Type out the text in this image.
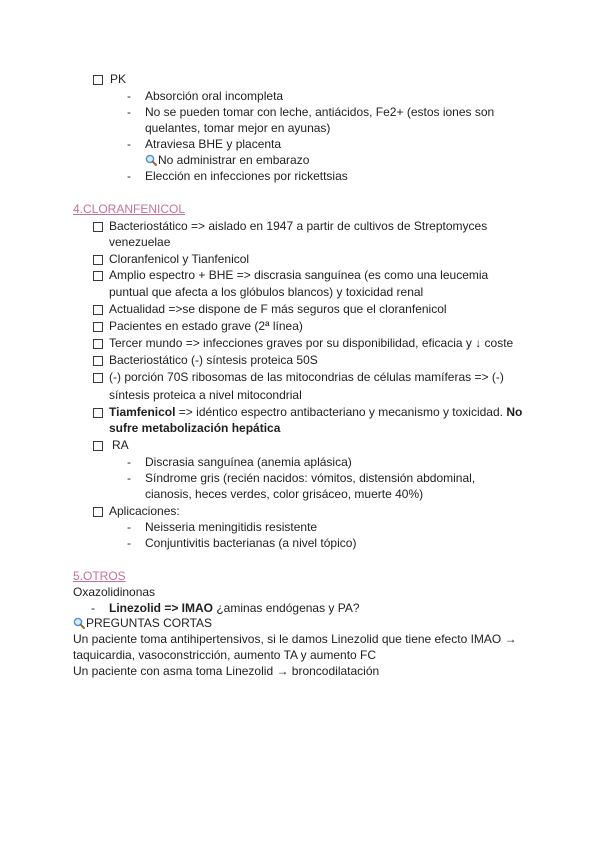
PK
- Absorción oral incompleta
- No se pueden tomar con leche, antiácidos, Fe2+ (estos iones son
quelantes, tomar mejor en ayunas)
- Atraviesa BHE y placenta
No administrar en embarazo
- Elección en infecciones por rickettsias
4.CLORANFENICOL
Bacteriostático => aislado en 1947 a partir de cultivos de Streptomyces
venezuelae
Cloranfenicol y Tianfenicol
Amplio espectro + BHE => discrasia sanguínea (es como una leucemia
puntual que afecta a los glóbulos blancos) y toxicidad renal
Actualidad =>se dispone de F más seguros que el cloranfenicol
Pacientes en estado grave (2ª línea)
Tercer mundo => infecciones graves por su disponibilidad, eficacia y ↓ coste
Bacteriostático (-) síntesis proteica 50S
(-) porción 70S ribosomas de las mitocondrias de células mamíferas => (-)
síntesis proteica a nivel mitocondrial
Tiamfenicol => idéntico espectro antibacteriano y mecanismo y toxicidad. No
sufre metabolización hepática
RA
- Discrasia sanguínea (anemia aplásica)
- Síndrome gris (recién nacidos: vómitos, distensión abdominal,
cianosis, heces verdes, color grisáceo, muerte 40%)
Aplicaciones:
- Neisseria meningitidis resistente
- Conjuntivitis bacterianas (a nivel tópico)
5.OTROS
Oxazolidinonas
- Linezolid => IMAO ¿aminas endógenas y PA?
PREGUNTAS CORTAS
Un paciente toma antihipertensivos, si le damos Linezolid que tiene efecto IMAO →
taquicardia, vasoconstricción, aumento TA y aumento FC
Un paciente con asma toma Linezolid → broncodilatación
